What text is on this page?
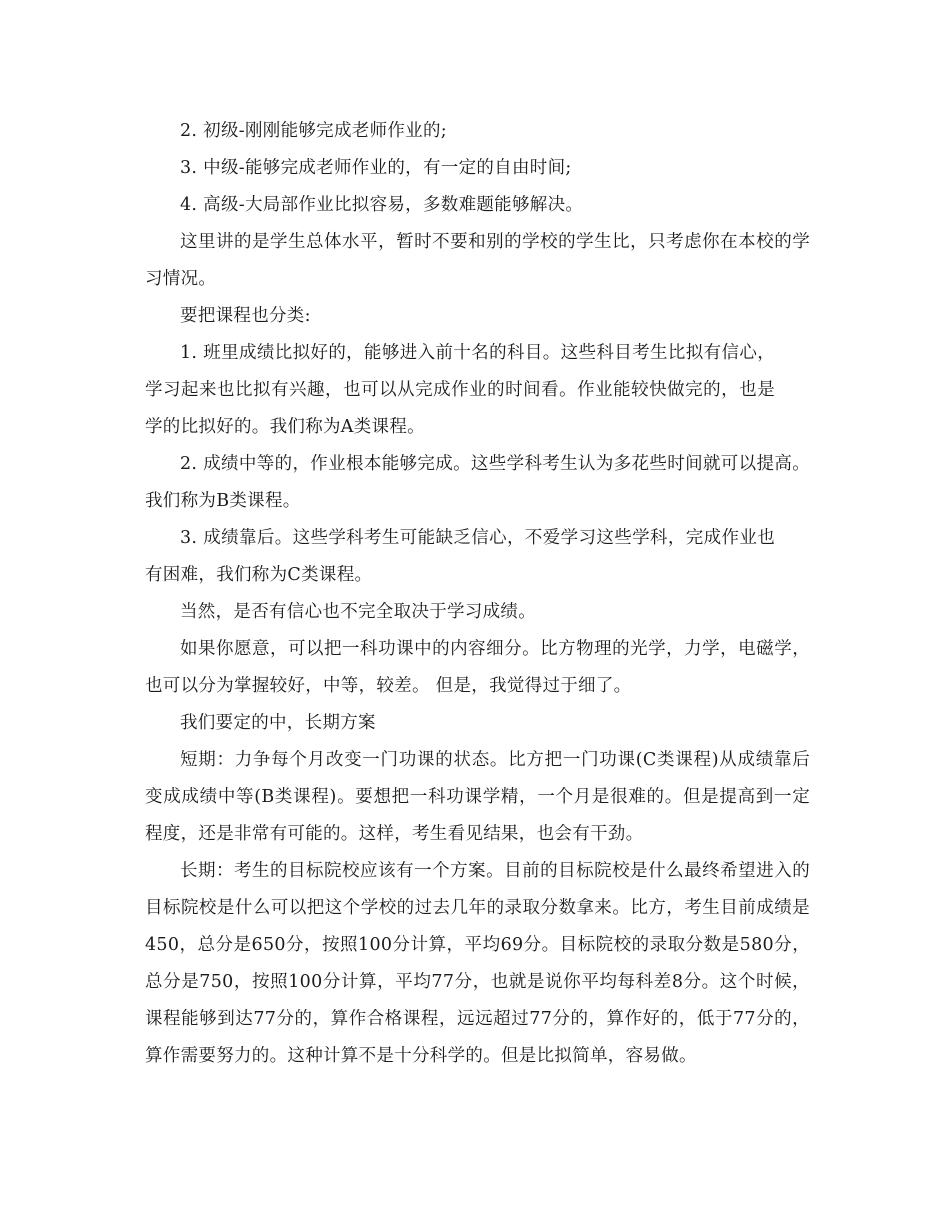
2. 初级-刚刚能够完成老师作业的;

3. 中级-能够完成老师作业的，有一定的自由时间;

4. 高级-大局部作业比拟容易，多数难题能够解决。

这里讲的是学生总体水平，暂时不要和别的学校的学生比，只考虑你在本校的学习情况。

要把课程也分类:

1. 班里成绩比拟好的，能够进入前十名的科目。这些科目考生比拟有信心，学习起来也比拟有兴趣，也可以从完成作业的时间看。作业能较快做完的，也是学的比拟好的。我们称为A类课程。

2. 成绩中等的，作业根本能够完成。这些学科考生认为多花些时间就可以提高。我们称为B类课程。

3. 成绩靠后。这些学科考生可能缺乏信心，不爱学习这些学科，完成作业也有困难，我们称为C类课程。

当然，是否有信心也不完全取决于学习成绩。

如果你愿意，可以把一科功课中的内容细分。比方物理的光学，力学，电磁学，也可以分为掌握较好，中等，较差。 但是，我觉得过于细了。

我们要定的中，长期方案

短期：力争每个月改变一门功课的状态。比方把一门功课(C类课程)从成绩靠后变成成绩中等(B类课程)。要想把一科功课学精，一个月是很难的。但是提高到一定程度，还是非常有可能的。这样，考生看见结果，也会有干劲。

长期：考生的目标院校应该有一个方案。目前的目标院校是什么最终希望进入的目标院校是什么可以把这个学校的过去几年的录取分数拿来。比方，考生目前成绩是450，总分是650分，按照100分计算，平均69分。目标院校的录取分数是580分，总分是750，按照100分计算，平均77分，也就是说你平均每科差8分。这个时候，课程能够到达77分的，算作合格课程，远远超过77分的，算作好的，低于77分的，算作需要努力的。这种计算不是十分科学的。但是比拟简单，容易做。
